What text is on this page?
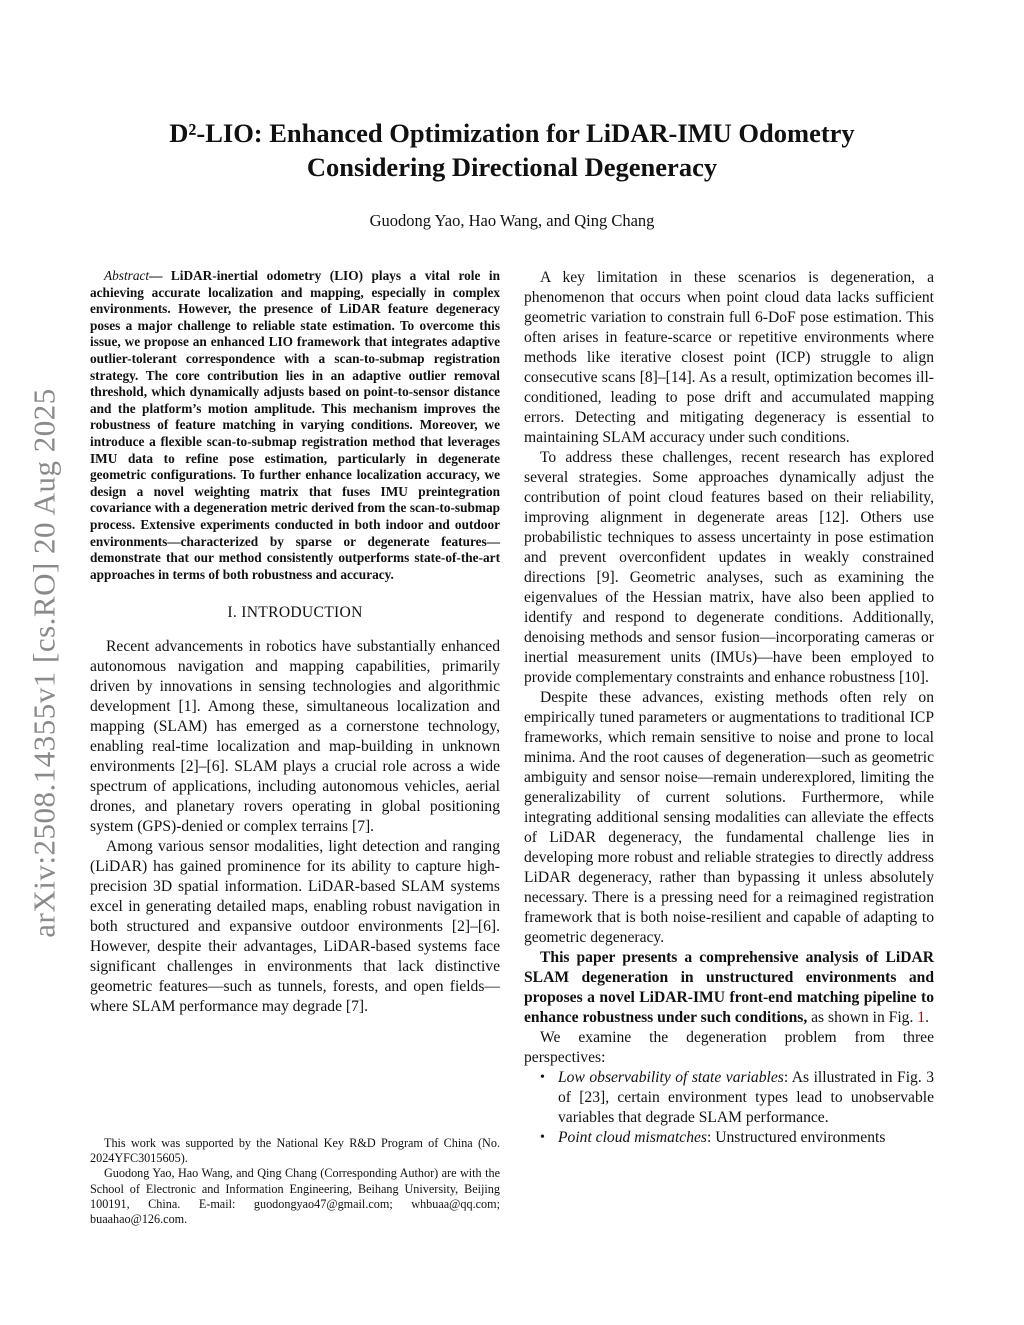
arXiv:2508.14355v1 [cs.RO] 20 Aug 2025
D²-LIO: Enhanced Optimization for LiDAR-IMU Odometry
Considering Directional Degeneracy
Guodong Yao, Hao Wang, and Qing Chang

Abstract— LiDAR-inertial odometry (LIO) plays a vital role in achieving accurate localization and mapping, especially in complex environments. However, the presence of LiDAR feature degeneracy poses a major challenge to reliable state estimation. To overcome this issue, we propose an enhanced LIO framework that integrates adaptive outlier-tolerant correspondence with a scan-to-submap registration strategy. The core contribution lies in an adaptive outlier removal threshold, which dynamically adjusts based on point-to-sensor distance and the platform’s motion amplitude. This mechanism improves the robustness of feature matching in varying conditions. Moreover, we introduce a flexible scan-to-submap registration method that leverages IMU data to refine pose estimation, particularly in degenerate geometric configurations. To further enhance localization accuracy, we design a novel weighting matrix that fuses IMU preintegration covariance with a degeneration metric derived from the scan-to-submap process. Extensive experiments conducted in both indoor and outdoor environments—characterized by sparse or degenerate features—demonstrate that our method consistently outperforms state-of-the-art approaches in terms of both robustness and accuracy.

I. INTRODUCTION

Recent advancements in robotics have substantially enhanced autonomous navigation and mapping capabilities, primarily driven by innovations in sensing technologies and algorithmic development [1]. Among these, simultaneous localization and mapping (SLAM) has emerged as a cornerstone technology, enabling real-time localization and map-building in unknown environments [2]–[6]. SLAM plays a crucial role across a wide spectrum of applications, including autonomous vehicles, aerial drones, and planetary rovers operating in global positioning system (GPS)-denied or complex terrains [7].

Among various sensor modalities, light detection and ranging (LiDAR) has gained prominence for its ability to capture high-precision 3D spatial information. LiDAR-based SLAM systems excel in generating detailed maps, enabling robust navigation in both structured and expansive outdoor environments [2]–[6]. However, despite their advantages, LiDAR-based systems face significant challenges in environments that lack distinctive geometric features—such as tunnels, forests, and open fields—where SLAM performance may degrade [7].

This work was supported by the National Key R&D Program of China (No. 2024YFC3015605).

Guodong Yao, Hao Wang, and Qing Chang (Corresponding Author) are with the School of Electronic and Information Engineering, Beihang University, Beijing 100191, China. E-mail: guodongyao47@gmail.com; whbuaa@qq.com; buaahao@126.com.

A key limitation in these scenarios is degeneration, a phenomenon that occurs when point cloud data lacks sufficient geometric variation to constrain full 6-DoF pose estimation. This often arises in feature-scarce or repetitive environments where methods like iterative closest point (ICP) struggle to align consecutive scans [8]–[14]. As a result, optimization becomes ill-conditioned, leading to pose drift and accumulated mapping errors. Detecting and mitigating degeneracy is essential to maintaining SLAM accuracy under such conditions.

To address these challenges, recent research has explored several strategies. Some approaches dynamically adjust the contribution of point cloud features based on their reliability, improving alignment in degenerate areas [12]. Others use probabilistic techniques to assess uncertainty in pose estimation and prevent overconfident updates in weakly constrained directions [9]. Geometric analyses, such as examining the eigenvalues of the Hessian matrix, have also been applied to identify and respond to degenerate conditions. Additionally, denoising methods and sensor fusion—incorporating cameras or inertial measurement units (IMUs)—have been employed to provide complementary constraints and enhance robustness [10].

Despite these advances, existing methods often rely on empirically tuned parameters or augmentations to traditional ICP frameworks, which remain sensitive to noise and prone to local minima. And the root causes of degeneration—such as geometric ambiguity and sensor noise—remain underexplored, limiting the generalizability of current solutions. Furthermore, while integrating additional sensing modalities can alleviate the effects of LiDAR degeneracy, the fundamental challenge lies in developing more robust and reliable strategies to directly address LiDAR degeneracy, rather than bypassing it unless absolutely necessary. There is a pressing need for a reimagined registration framework that is both noise-resilient and capable of adapting to geometric degeneracy.

This paper presents a comprehensive analysis of LiDAR SLAM degeneration in unstructured environments and proposes a novel LiDAR-IMU front-end matching pipeline to enhance robustness under such conditions, as shown in Fig. 1.

We examine the degeneration problem from three perspectives:

• Low observability of state variables: As illustrated in Fig. 3 of [23], certain environment types lead to unobservable variables that degrade SLAM performance.
• Point cloud mismatches: Unstructured environments
